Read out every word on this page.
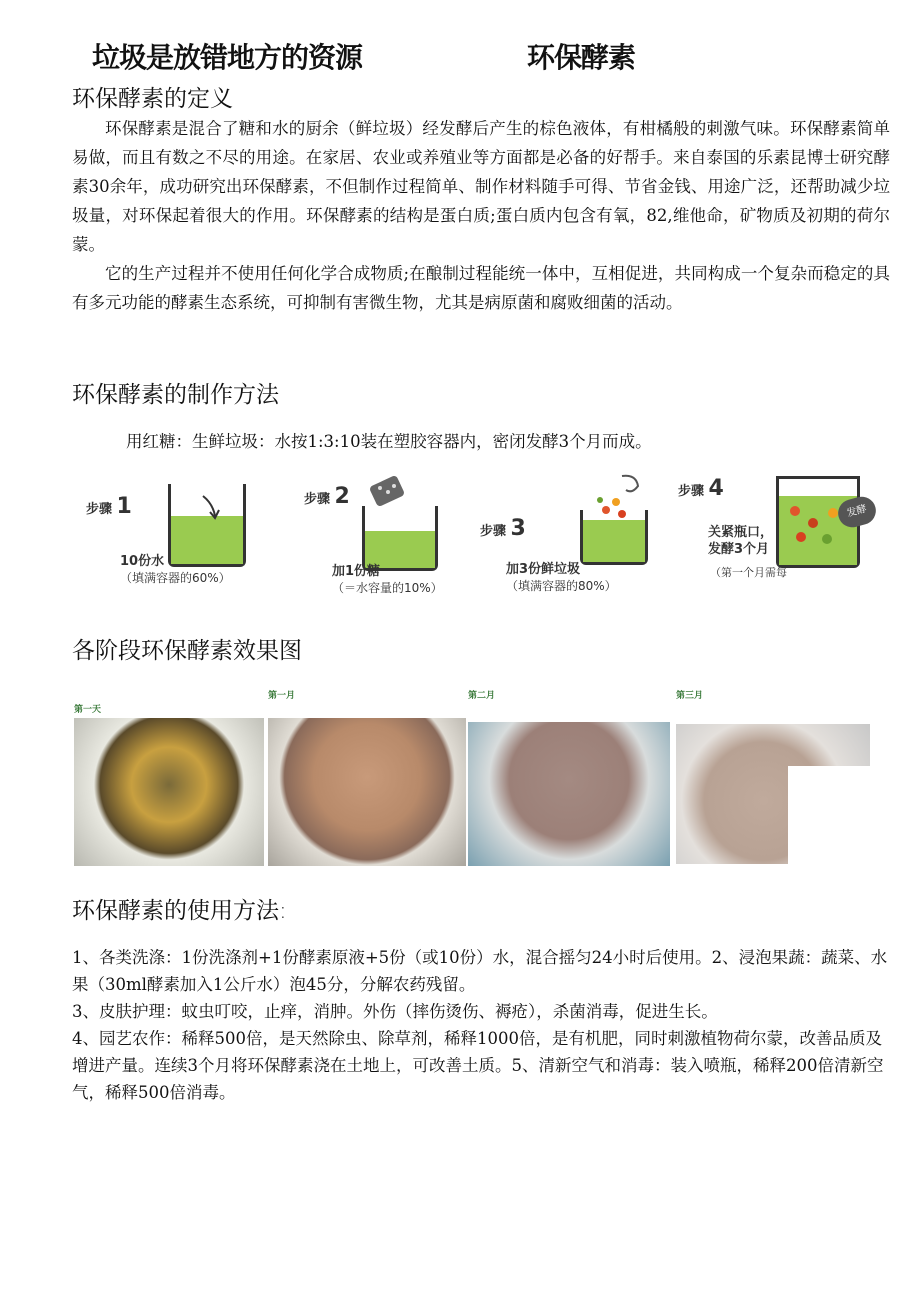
垃圾是放错地方的资源	环保酵素
环保酵素的定义

环保酵素是混合了糖和水的厨余（鲜垃圾）经发酵后产生的棕色液体，有柑橘般的刺激气味。环保酵素简单易做，而且有数之不尽的用途。在家居、农业或养殖业等方面都是必备的好帮手。来自泰国的乐素昆博士研究酵素30余年，成功研究出环保酵素，不但制作过程简单、制作材料随手可得、节省金钱、用途广泛，还帮助减少垃圾量，对环保起着很大的作用。环保酵素的结构是蛋白质;蛋白质内包含有氧，82,维他命，矿物质及初期的荷尔蒙。

它的生产过程并不使用任何化学合成物质;在酿制过程能统一体中，互相促进，共同构成一个复杂而稳定的具有多元功能的酵素生态系统，可抑制有害微生物，尤其是病原菌和腐败细菌的活动。

环保酵素的制作方法
用红糖：生鲜垃圾：水按1:3:10装在塑胶容器内，密闭发酵3个月而成。
步骤 1
10份水
（填满容器的60%）
步骤 2
加1份糖
（＝水容量的10%）
步骤 3
加3份鲜垃圾
（填满容器的80%）
步骤 4
发酵
关紧瓶口，
发酵3个月
（第一个月需每
各阶段环保酵素效果图
第一天
第一月	第二月	第三月
环保酵素的使用方法:

1、各类洗涤：1份洗涤剂+1份酵素原液+5份（或10份）水，混合摇匀24小时后使用。2、浸泡果蔬：蔬菜、水果（30ml酵素加入1公斤水）泡45分，分解农药残留。

3、皮肤护理：蚊虫叮咬，止痒，消肿。外伤（摔伤烫伤、褥疮），杀菌消毒，促进生长。

4、园艺农作：稀释500倍，是天然除虫、除草剂，稀释1000倍，是有机肥，同时刺激植物荷尔蒙，改善品质及增进产量。连续3个月将环保酵素浇在土地上，可改善土质。5、清新空气和消毒：装入喷瓶，稀释200倍清新空气，稀释500倍消毒。
